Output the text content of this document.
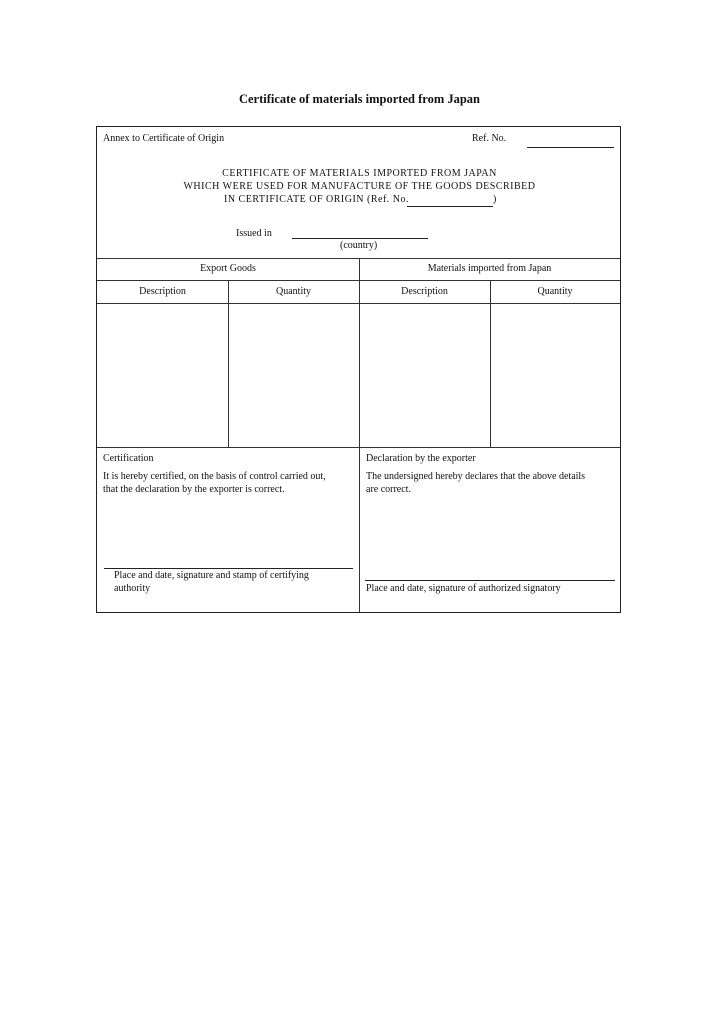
Certificate of materials imported from Japan
Annex to Certificate of Origin	Ref. No.
CERTIFICATE OF MATERIALS IMPORTED FROM JAPAN
WHICH WERE USED FOR MANUFACTURE OF THE GOODS DESCRIBED
IN CERTIFICATE OF ORIGIN (Ref. No.	)
Issued in
(country)
Export Goods	Materials imported from Japan
Description	Quantity	Description	Quantity
Certification
It is hereby certified, on the basis of control carried out,
that the declaration by the exporter is correct.
Place and date, signature and stamp of certifying
authority
Declaration by the exporter
The undersigned hereby declares that the above details
are correct.
Place and date, signature of authorized signatory
